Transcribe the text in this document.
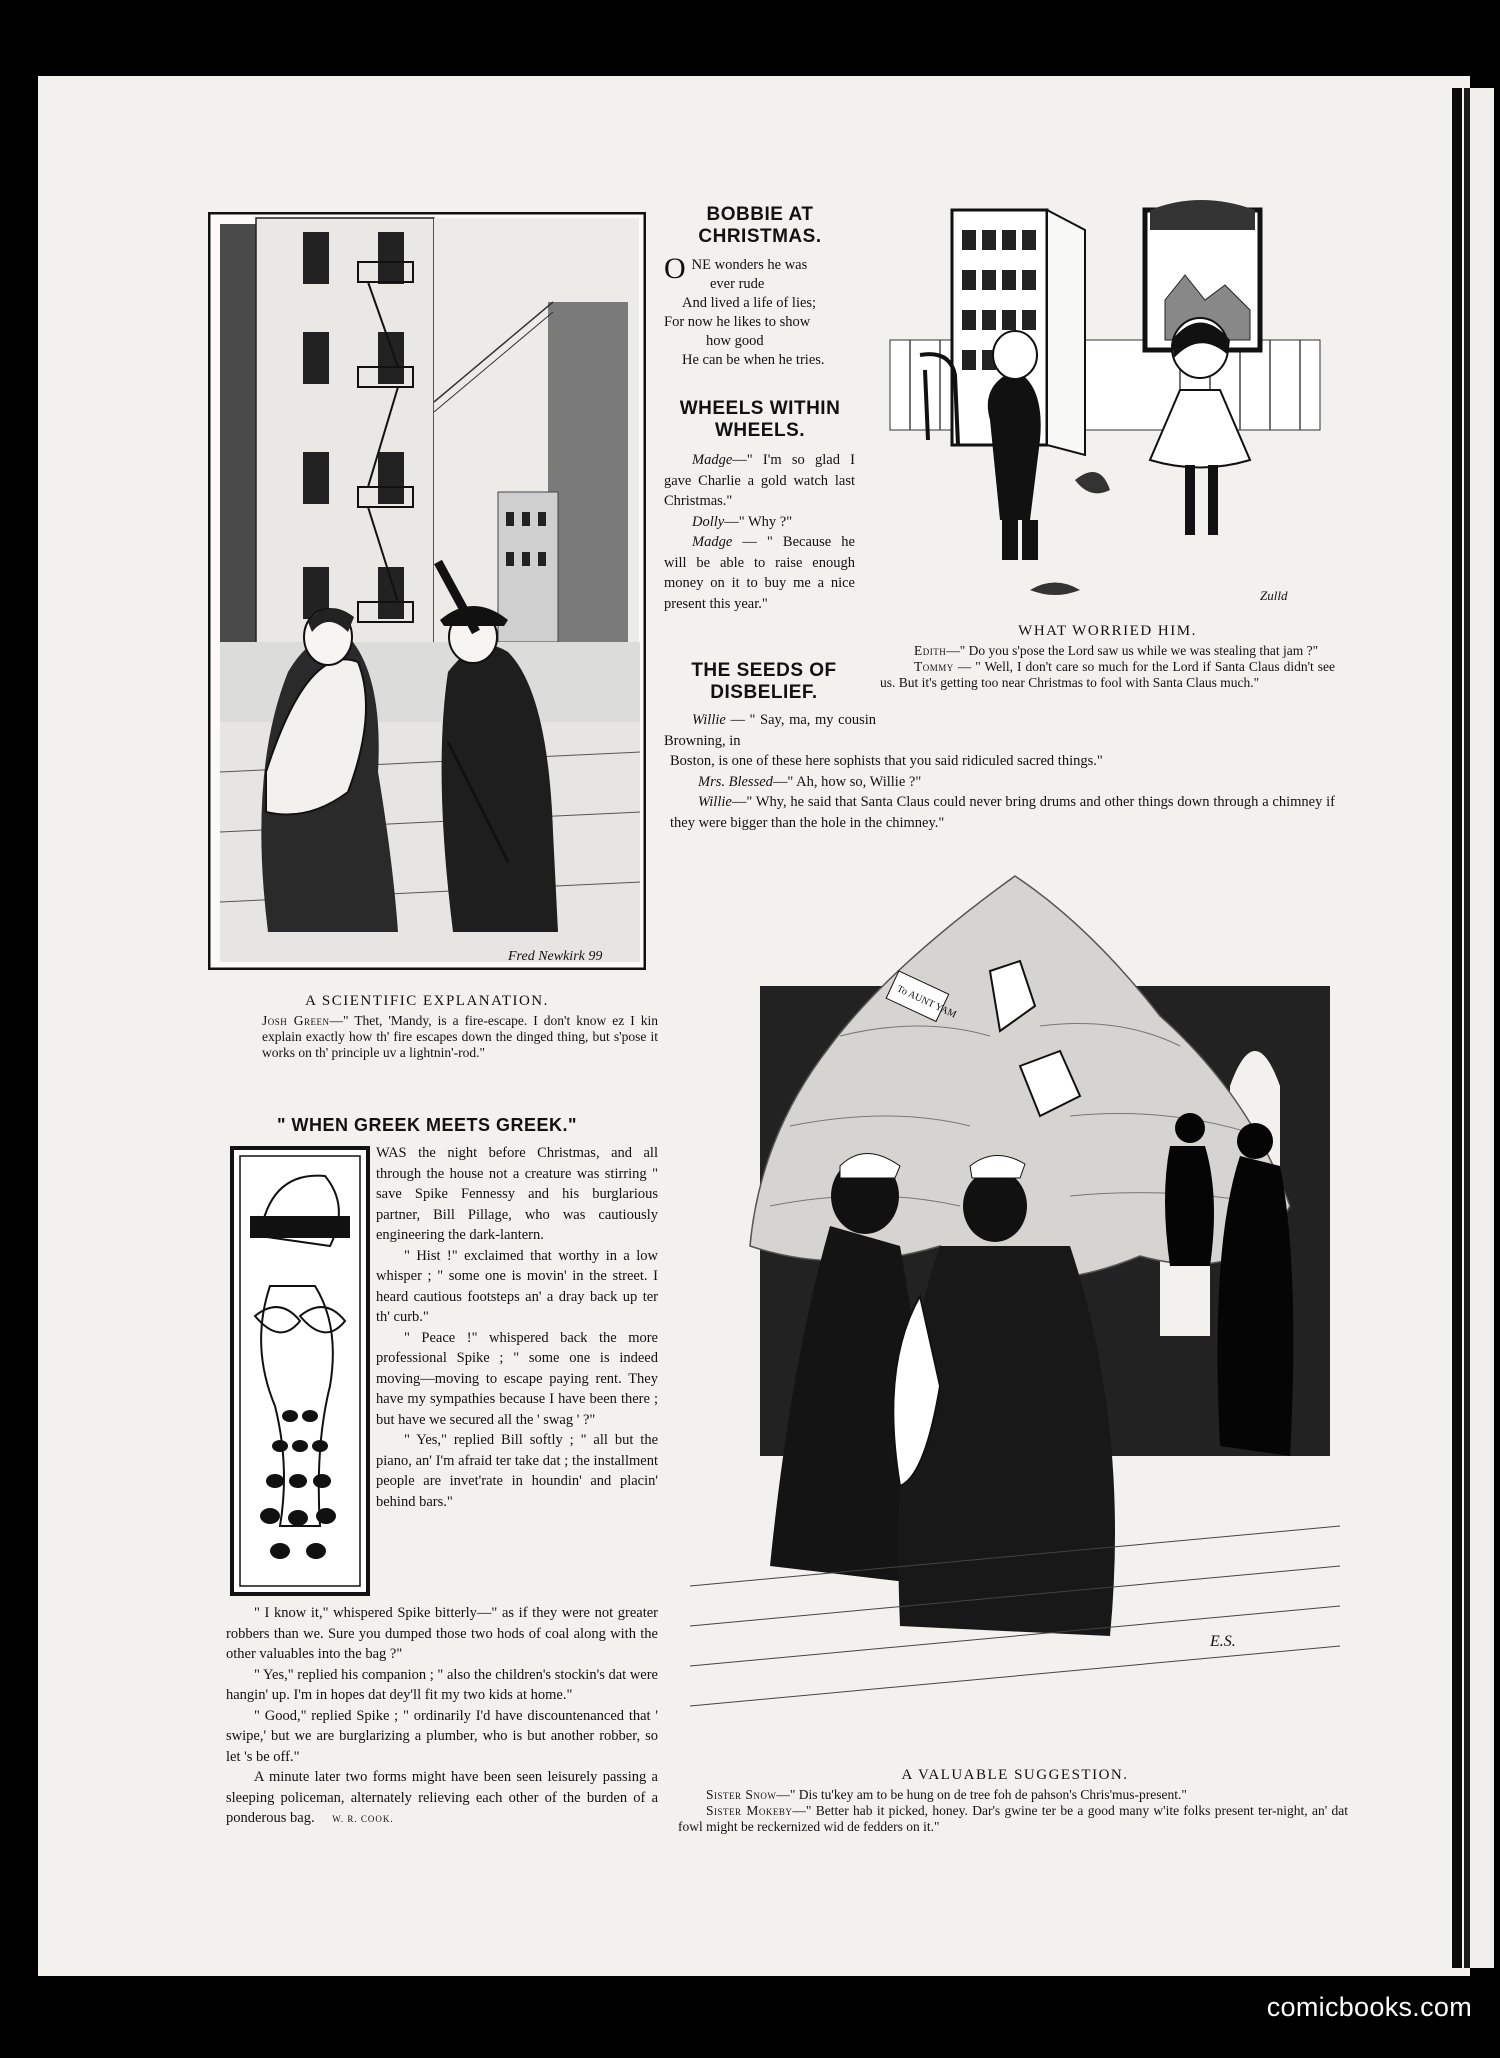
Fred Newkirk 99
A SCIENTIFIC EXPLANATION.
Josh Green—" Thet, 'Mandy, is a fire-escape. I don't know ez I kin explain exactly how th' fire escapes down the dinged thing, but s'pose it works on th' principle uv a lightnin'-rod."
BOBBIE AT CHRISTMAS.
ONE wonders he was
ever rude
And lived a life of lies;
For now he likes to show
how good
He can be when he tries.
WHEELS WITHIN WHEELS.

Madge—" I'm so glad I gave Charlie a gold watch last Christmas."

Dolly—" Why ?"

Madge — " Because he will be able to raise enough money on it to buy me a nice present this year."

THE SEEDS OF DISBELIEF.

Willie — " Say, ma, my cousin Browning, in

Boston, is one of these here sophists that you said ridiculed sacred things."

Mrs. Blessed—" Ah, how so, Willie ?"

Willie—" Why, he said that Santa Claus could never bring drums and other things down through a chimney if they were bigger than the hole in the chimney."

Zulld
WHAT WORRIED HIM.
Edith—" Do you s'pose the Lord saw us while we was stealing that jam ?"
Tommy — " Well, I don't care so much for the Lord if Santa Claus didn't see us. But it's getting too near Christmas to fool with Santa Claus much."
" WHEN GREEK MEETS GREEK."

WAS the night before Christmas, and all through the house not a creature was stirring " save Spike Fennessy and his burglarious partner, Bill Pillage, who was cautiously engineering the dark-lantern.

" Hist !" exclaimed that worthy in a low whisper ; " some one is movin' in the street. I heard cautious footsteps an' a dray back up ter th' curb."

" Peace !" whispered back the more professional Spike ; " some one is indeed moving—moving to escape paying rent. They have my sympathies because I have been there ; but have we secured all the ' swag ' ?"

" Yes," replied Bill softly ; " all but the piano, an' I'm afraid ter take dat ; the installment people are invet'rate in houndin' and placin' behind bars."

" I know it," whispered Spike bitterly—" as if they were not greater robbers than we. Sure you dumped those two hods of coal along with the other valuables into the bag ?"

" Yes," replied his companion ; " also the children's stockin's dat were hangin' up. I'm in hopes dat dey'll fit my two kids at home."

" Good," replied Spike ; " ordinarily I'd have discountenanced that ' swipe,' but we are burglarizing a plumber, who is but another robber, so let 's be off."

A minute later two forms might have been seen leisurely passing a sleeping policeman, alternately relieving each other of the burden of a ponderous bag. W. R. COOK.

To AUNT YAM
E.S.
A VALUABLE SUGGESTION.
Sister Snow—" Dis tu'key am to be hung on de tree foh de pahson's Chris'mus-present."
Sister Mokeby—" Better hab it picked, honey. Dar's gwine ter be a good many w'ite folks present ter-night, an' dat fowl might be reckernized wid de fedders on it."
comicbooks.com
